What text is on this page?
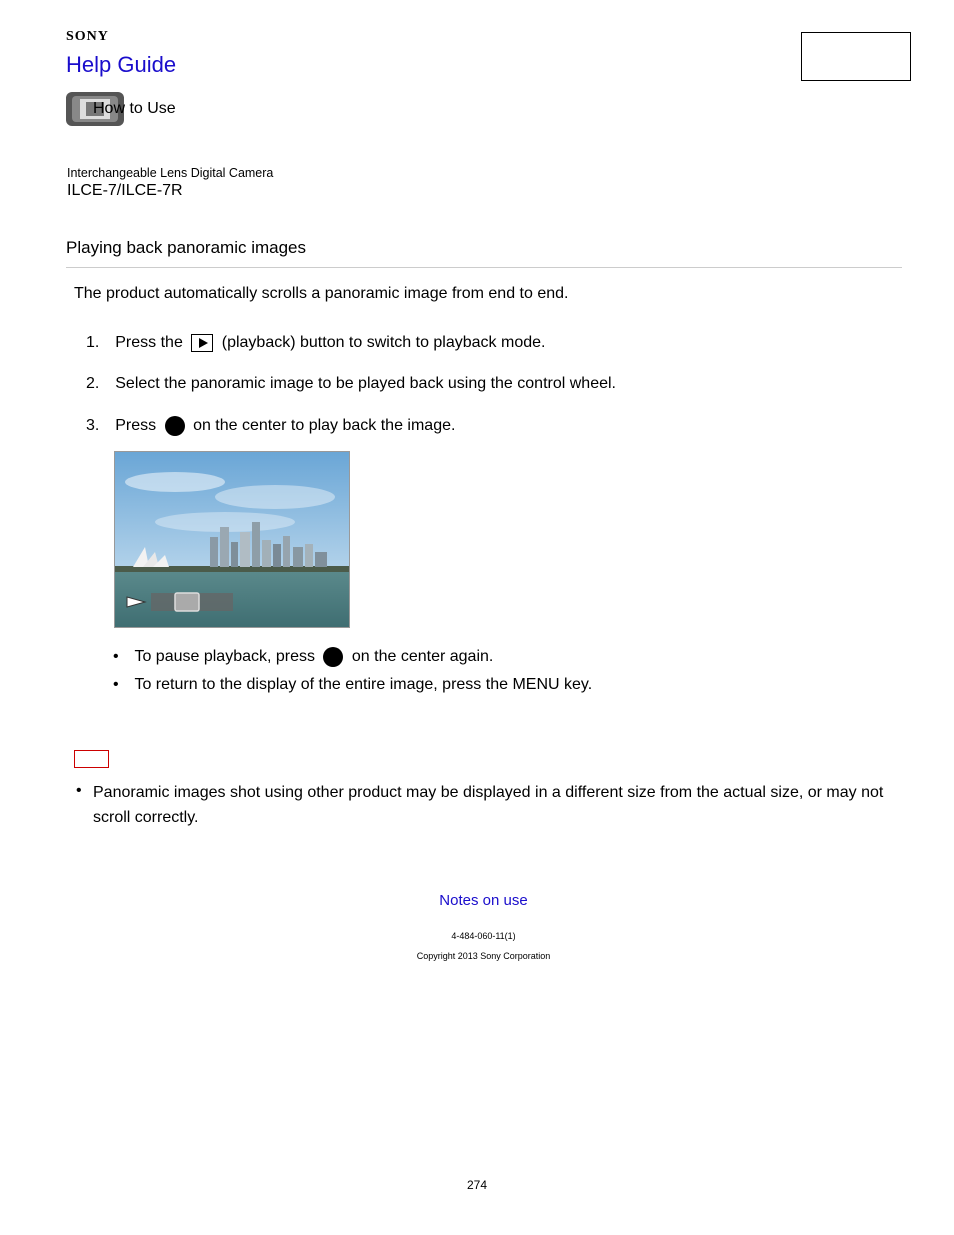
SONY
Help Guide
How to Use
Interchangeable Lens Digital Camera
ILCE-7/ILCE-7R
Playing back panoramic images
The product automatically scrolls a panoramic image from end to end.
1. Press the (playback) button to switch to playback mode.
2. Select the panoramic image to be played back using the control wheel.
3. Press on the center to play back the image.
• To pause playback, press on the center again.
• To return to the display of the entire image, press the MENU key.
• Panoramic images shot using other product may be displayed in a different size from the actual size, or may not scroll correctly.
Notes on use
4-484-060-11(1)
Copyright 2013 Sony Corporation
274
